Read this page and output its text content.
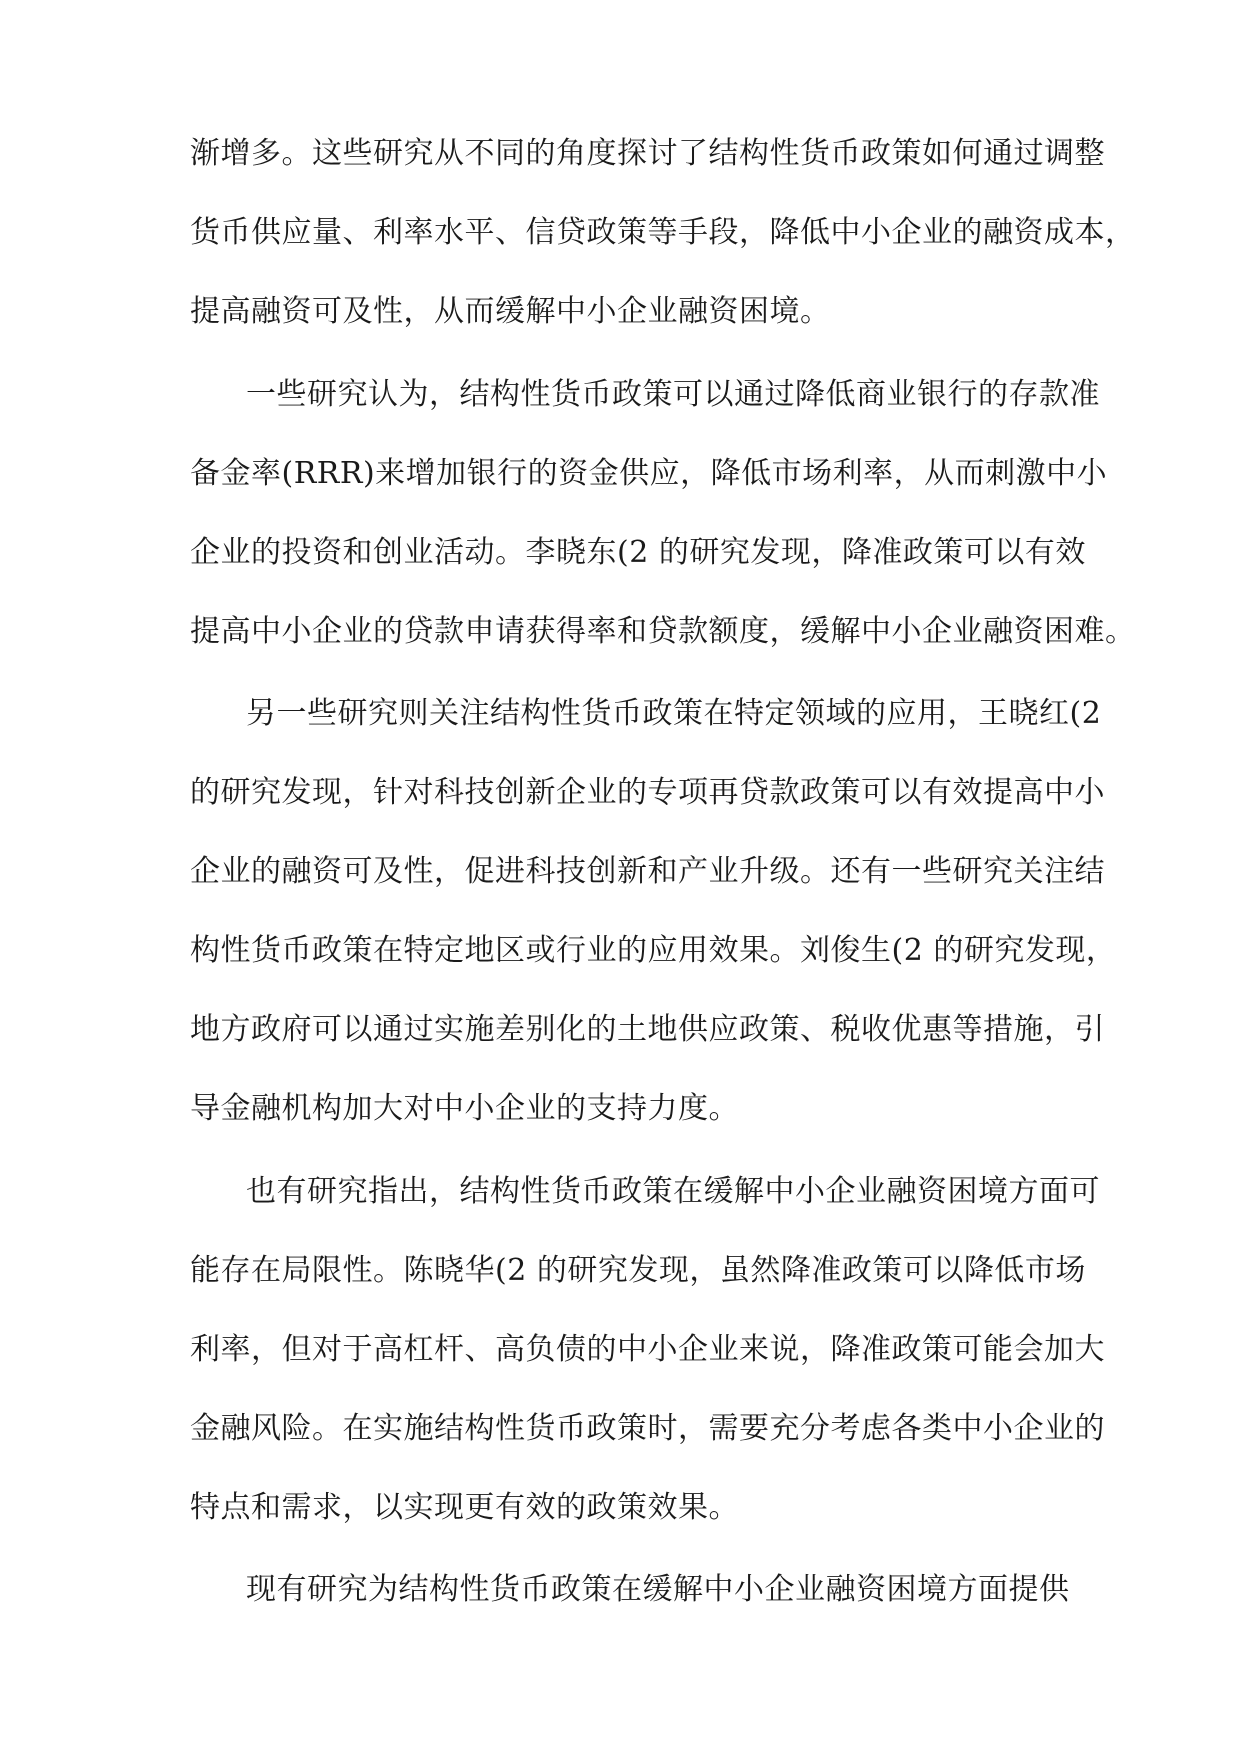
渐增多。这些研究从不同的角度探讨了结构性货币政策如何通过调整
货币供应量、利率水平、信贷政策等手段，降低中小企业的融资成本，
提高融资可及性，从而缓解中小企业融资困境。
一些研究认为，结构性货币政策可以通过降低商业银行的存款准
备金率(RRR)来增加银行的资金供应，降低市场利率，从而刺激中小
企业的投资和创业活动。李晓东(2 的研究发现，降准政策可以有效
提高中小企业的贷款申请获得率和贷款额度，缓解中小企业融资困难。
另一些研究则关注结构性货币政策在特定领域的应用，王晓红(2
的研究发现，针对科技创新企业的专项再贷款政策可以有效提高中小
企业的融资可及性，促进科技创新和产业升级。还有一些研究关注结
构性货币政策在特定地区或行业的应用效果。刘俊生(2 的研究发现，
地方政府可以通过实施差别化的土地供应政策、税收优惠等措施，引
导金融机构加大对中小企业的支持力度。
也有研究指出，结构性货币政策在缓解中小企业融资困境方面可
能存在局限性。陈晓华(2 的研究发现，虽然降准政策可以降低市场
利率，但对于高杠杆、高负债的中小企业来说，降准政策可能会加大
金融风险。在实施结构性货币政策时，需要充分考虑各类中小企业的
特点和需求，以实现更有效的政策效果。
现有研究为结构性货币政策在缓解中小企业融资困境方面提供
